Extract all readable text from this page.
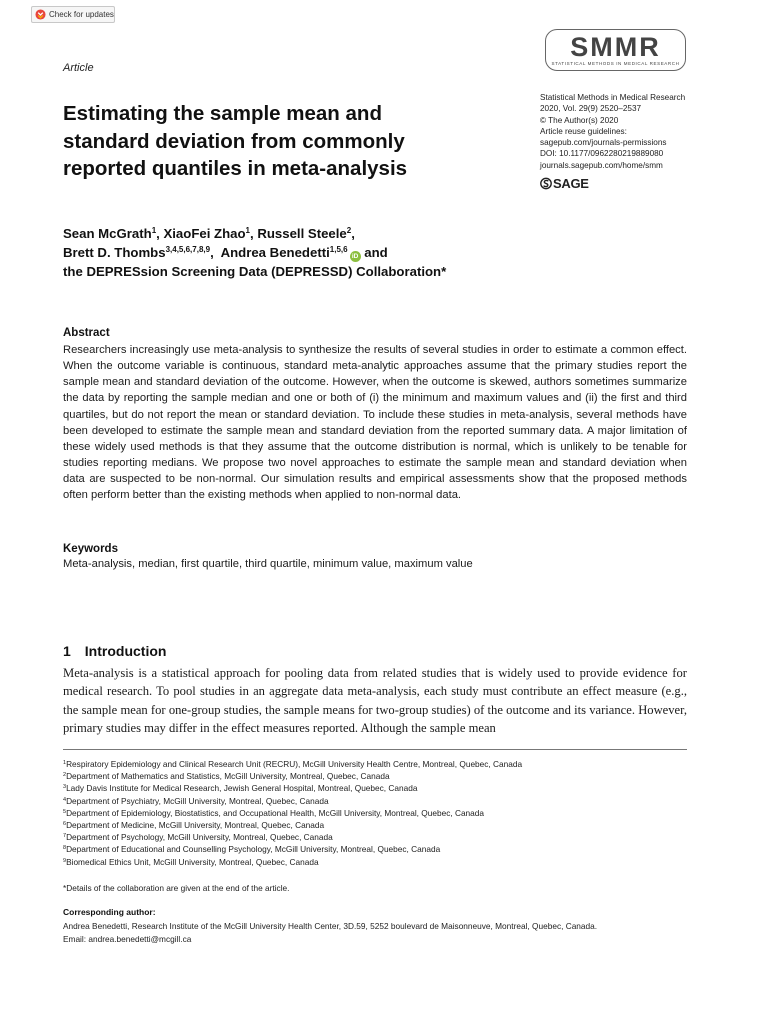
Check for updates
Article
SMMR
STATISTICAL METHODS IN MEDICAL RESEARCH
Estimating the sample mean and
standard deviation from commonly
reported quantiles in meta-analysis
Statistical Methods in Medical Research
2020, Vol. 29(9) 2520–2537
© The Author(s) 2020
Article reuse guidelines:
sagepub.com/journals-permissions
DOI: 10.1177/0962280219889080
journals.sagepub.com/home/smm
SAGE
Sean McGrath$^1$, XiaoFei Zhao$^1$, Russell Steele$^2$,
Brett D. Thombs$^{3,4,5,6,7,8,9}$,  Andrea Benedetti$^{1,5,6}$iD and
the DEPRESsion Screening Data (DEPRESSD) Collaboration*
Abstract
Researchers increasingly use meta-analysis to synthesize the results of several studies in order to estimate a common effect. When the outcome variable is continuous, standard meta-analytic approaches assume that the primary studies report the sample mean and standard deviation of the outcome. However, when the outcome is skewed, authors sometimes summarize the data by reporting the sample median and one or both of (i) the minimum and maximum values and (ii) the first and third quartiles, but do not report the mean or standard deviation. To include these studies in meta-analysis, several methods have been developed to estimate the sample mean and standard deviation from the reported summary data. A major limitation of these widely used methods is that they assume that the outcome distribution is normal, which is unlikely to be tenable for studies reporting medians. We propose two novel approaches to estimate the sample mean and standard deviation when data are suspected to be non-normal. Our simulation results and empirical assessments show that the proposed methods often perform better than the existing methods when applied to non-normal data.
Keywords
Meta-analysis, median, first quartile, third quartile, minimum value, maximum value
1 Introduction
Meta-analysis is a statistical approach for pooling data from related studies that is widely used to provide evidence for medical research. To pool studies in an aggregate data meta-analysis, each study must contribute an effect measure (e.g., the sample mean for one-group studies, the sample means for two-group studies) of the outcome and its variance. However, primary studies may differ in the effect measures reported. Although the sample mean
$^1$Respiratory Epidemiology and Clinical Research Unit (RECRU), McGill University Health Centre, Montreal, Quebec, Canada
$^2$Department of Mathematics and Statistics, McGill University, Montreal, Quebec, Canada
$^3$Lady Davis Institute for Medical Research, Jewish General Hospital, Montreal, Quebec, Canada
$^4$Department of Psychiatry, McGill University, Montreal, Quebec, Canada
$^5$Department of Epidemiology, Biostatistics, and Occupational Health, McGill University, Montreal, Quebec, Canada
$^6$Department of Medicine, McGill University, Montreal, Quebec, Canada
$^7$Department of Psychology, McGill University, Montreal, Quebec, Canada
$^8$Department of Educational and Counselling Psychology, McGill University, Montreal, Quebec, Canada
$^9$Biomedical Ethics Unit, McGill University, Montreal, Quebec, Canada
*Details of the collaboration are given at the end of the article.
Corresponding author:
Andrea Benedetti, Research Institute of the McGill University Health Center, 3D.59, 5252 boulevard de Maisonneuve, Montreal, Quebec, Canada.
Email: andrea.benedetti@mcgill.ca
